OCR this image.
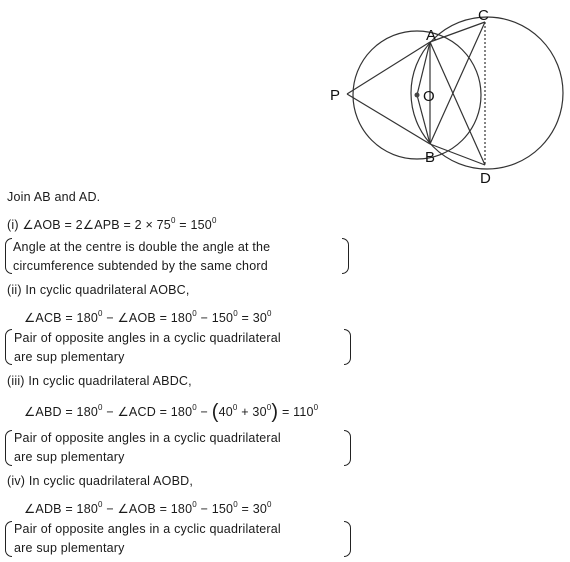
A
B
C
D
O
P
Join AB and AD.
(i) ∠AOB = 2∠APB = $2 \times 75^0 = 150^0$
Angle at the centre is double the angle at the
circumference subtended by the same chord
(ii) In cyclic quadrilateral AOBC,
∠ACB = $180^0$ − ∠AOB = $180^0 - 150^0 = 30^0$
Pair of opposite angles in a cyclic quadrilateral
are sup plementary
(iii) In cyclic quadrilateral ABDC,
∠ABD = $180^0$ − ∠ACD = $180^0 - (40^0 + 30^0) = 110^0$
Pair of opposite angles in a cyclic quadrilateral
are sup plementary
(iv) In cyclic quadrilateral AOBD,
∠ADB = $180^0$ − ∠AOB = $180^0 - 150^0 = 30^0$
Pair of opposite angles in a cyclic quadrilateral
are sup plementary
